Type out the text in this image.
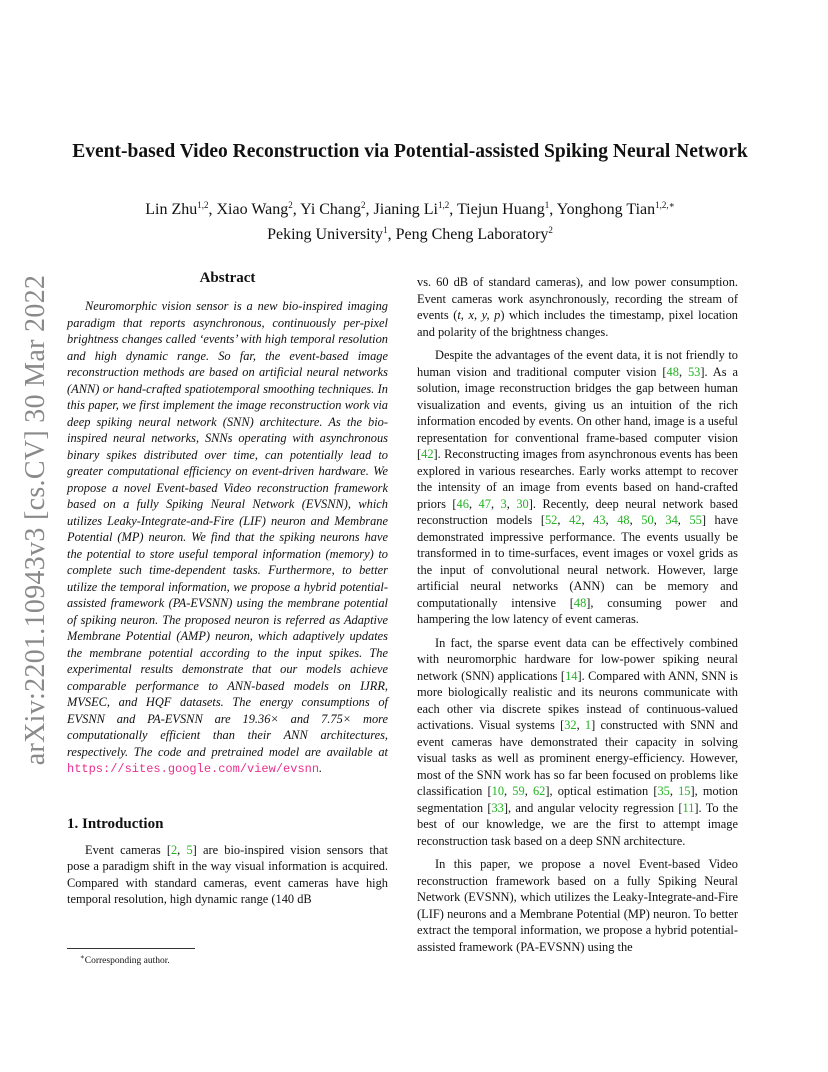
arXiv:2201.10943v3 [cs.CV] 30 Mar 2022
Event-based Video Reconstruction via Potential-assisted Spiking Neural Network
Lin Zhu$^{1,2}$, Xiao Wang$^2$, Yi Chang$^2$, Jianing Li$^{1,2}$, Tiejun Huang$^1$, Yonghong Tian$^{1,2,∗}$
Peking University$^1$, Peng Cheng Laboratory$^2$
Abstract

Neuromorphic vision sensor is a new bio-inspired imaging paradigm that reports asynchronous, continuously per-pixel brightness changes called ‘events’ with high temporal resolution and high dynamic range. So far, the event-based image reconstruction methods are based on artificial neural networks (ANN) or hand-crafted spatiotemporal smoothing techniques. In this paper, we first implement the image reconstruction work via deep spiking neural network (SNN) architecture. As the bio-inspired neural networks, SNNs operating with asynchronous binary spikes distributed over time, can potentially lead to greater computational efficiency on event-driven hardware. We propose a novel Event-based Video reconstruction framework based on a fully Spiking Neural Network (EVSNN), which utilizes Leaky-Integrate-and-Fire (LIF) neuron and Membrane Potential (MP) neuron. We find that the spiking neurons have the potential to store useful temporal information (memory) to complete such time-dependent tasks. Furthermore, to better utilize the temporal information, we propose a hybrid potential-assisted framework (PA-EVSNN) using the membrane potential of spiking neuron. The proposed neuron is referred as Adaptive Membrane Potential (AMP) neuron, which adaptively updates the membrane potential according to the input spikes. The experimental results demonstrate that our models achieve comparable performance to ANN-based models on IJRR, MVSEC, and HQF datasets. The energy consumptions of EVSNN and PA-EVSNN are 19.36× and 7.75× more computationally efficient than their ANN architectures, respectively. The code and pretrained model are available at https://sites.google.com/view/evsnn.

1. Introduction

Event cameras [2, 5] are bio-inspired vision sensors that pose a paradigm shift in the way visual information is acquired. Compared with standard cameras, event cameras have high temporal resolution, high dynamic range (140 dB

∗Corresponding author.

vs. 60 dB of standard cameras), and low power consumption. Event cameras work asynchronously, recording the stream of events (t, x, y, p) which includes the timestamp, pixel location and polarity of the brightness changes.

Despite the advantages of the event data, it is not friendly to human vision and traditional computer vision [48, 53]. As a solution, image reconstruction bridges the gap between human visualization and events, giving us an intuition of the rich information encoded by events. On other hand, image is a useful representation for conventional frame-based computer vision [42]. Reconstructing images from asynchronous events has been explored in various researches. Early works attempt to recover the intensity of an image from events based on hand-crafted priors [46, 47, 3, 30]. Recently, deep neural network based reconstruction models [52, 42, 43, 48, 50, 34, 55] have demonstrated impressive performance. The events usually be transformed in to time-surfaces, event images or voxel grids as the input of convolutional neural network. However, large artificial neural networks (ANN) can be memory and computationally intensive [48], consuming power and hampering the low latency of event cameras.

In fact, the sparse event data can be effectively combined with neuromorphic hardware for low-power spiking neural network (SNN) applications [14]. Compared with ANN, SNN is more biologically realistic and its neurons communicate with each other via discrete spikes instead of continuous-valued activations. Visual systems [32, 1] constructed with SNN and event cameras have demonstrated their capacity in solving visual tasks as well as prominent energy-efficiency. However, most of the SNN work has so far been focused on problems like classification [10, 59, 62], optical estimation [35, 15], motion segmentation [33], and angular velocity regression [11]. To the best of our knowledge, we are the first to attempt image reconstruction task based on a deep SNN architecture.

In this paper, we propose a novel Event-based Video reconstruction framework based on a fully Spiking Neural Network (EVSNN), which utilizes the Leaky-Integrate-and-Fire (LIF) neurons and a Membrane Potential (MP) neuron. To better extract the temporal information, we propose a hybrid potential-assisted framework (PA-EVSNN) using the
